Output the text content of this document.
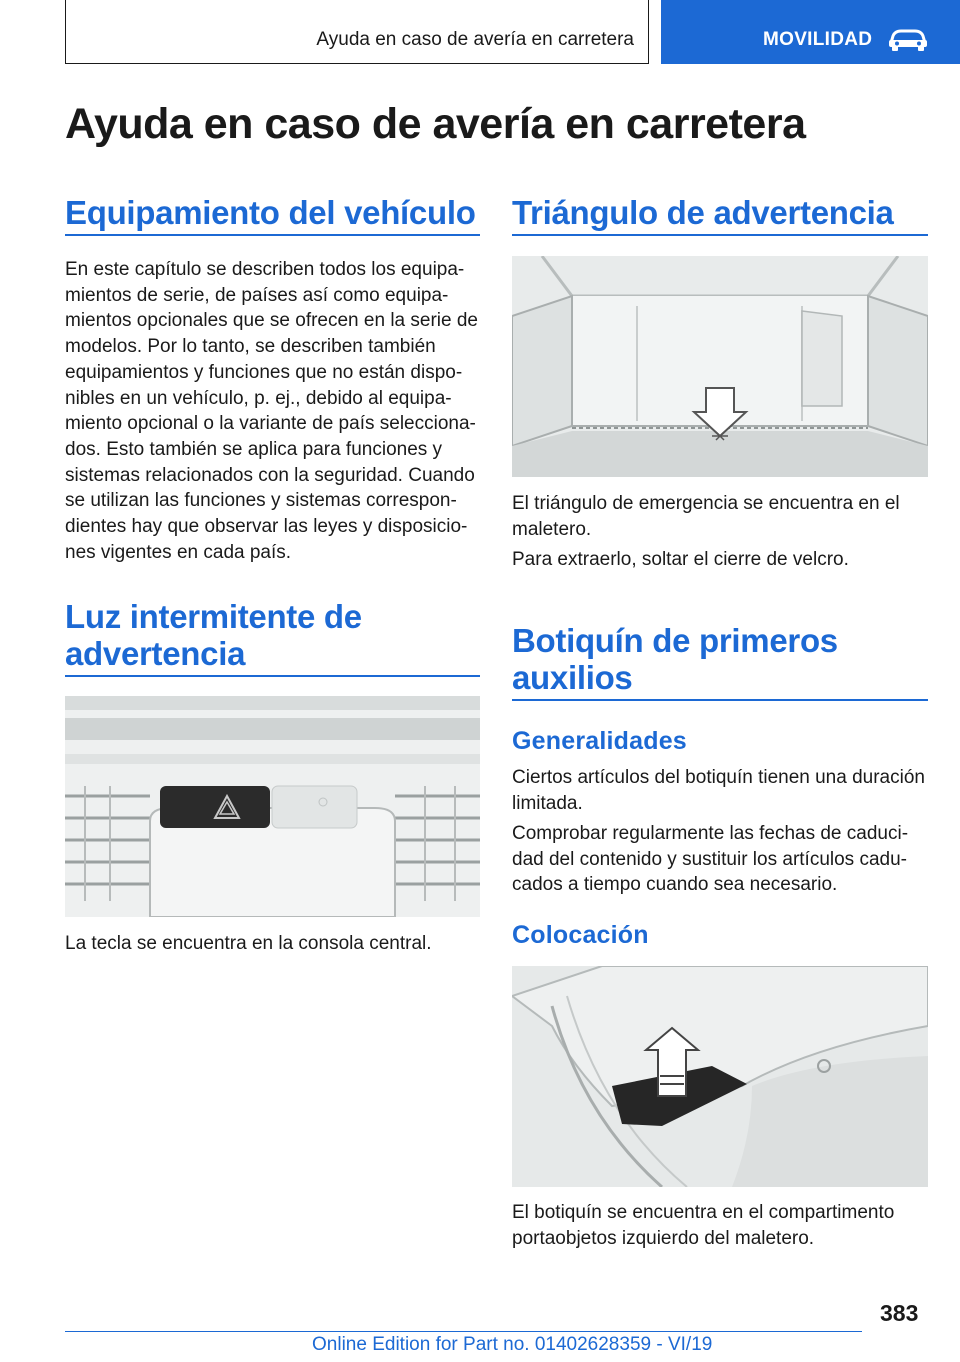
Ayuda en caso de avería en carretera	MOVILIDAD
Ayuda en caso de avería en carretera
Equipamiento del vehículo

En este capítulo se describen todos los equipa‑
mientos de serie, de países así como equipa‑
mientos opcionales que se ofrecen en la serie de
modelos. Por lo tanto, se describen también
equipamientos y funciones que no están dispo‑
nibles en un vehículo, p. ej., debido al equipa‑
miento opcional o la variante de país selecciona‑
dos. Esto también se aplica para funciones y
sistemas relacionados con la seguridad. Cuando
se utilizan las funciones y sistemas correspon‑
dientes hay que observar las leyes y disposicio‑
nes vigentes en cada país.

Luz intermitente de
advertencia

La tecla se encuentra en la consola central.

Triángulo de advertencia

El triángulo de emergencia se encuentra en el
maletero.

Para extraerlo, soltar el cierre de velcro.

Botiquín de primeros
auxilios
Generalidades

Ciertos artículos del botiquín tienen una duración
limitada.

Comprobar regularmente las fechas de caduci‑
dad del contenido y sustituir los artículos cadu‑
cados a tiempo cuando sea necesario.

Colocación

El botiquín se encuentra en el compartimento
portaobjetos izquierdo del maletero.

383
Online Edition for Part no. 01402628359 - VI/19
